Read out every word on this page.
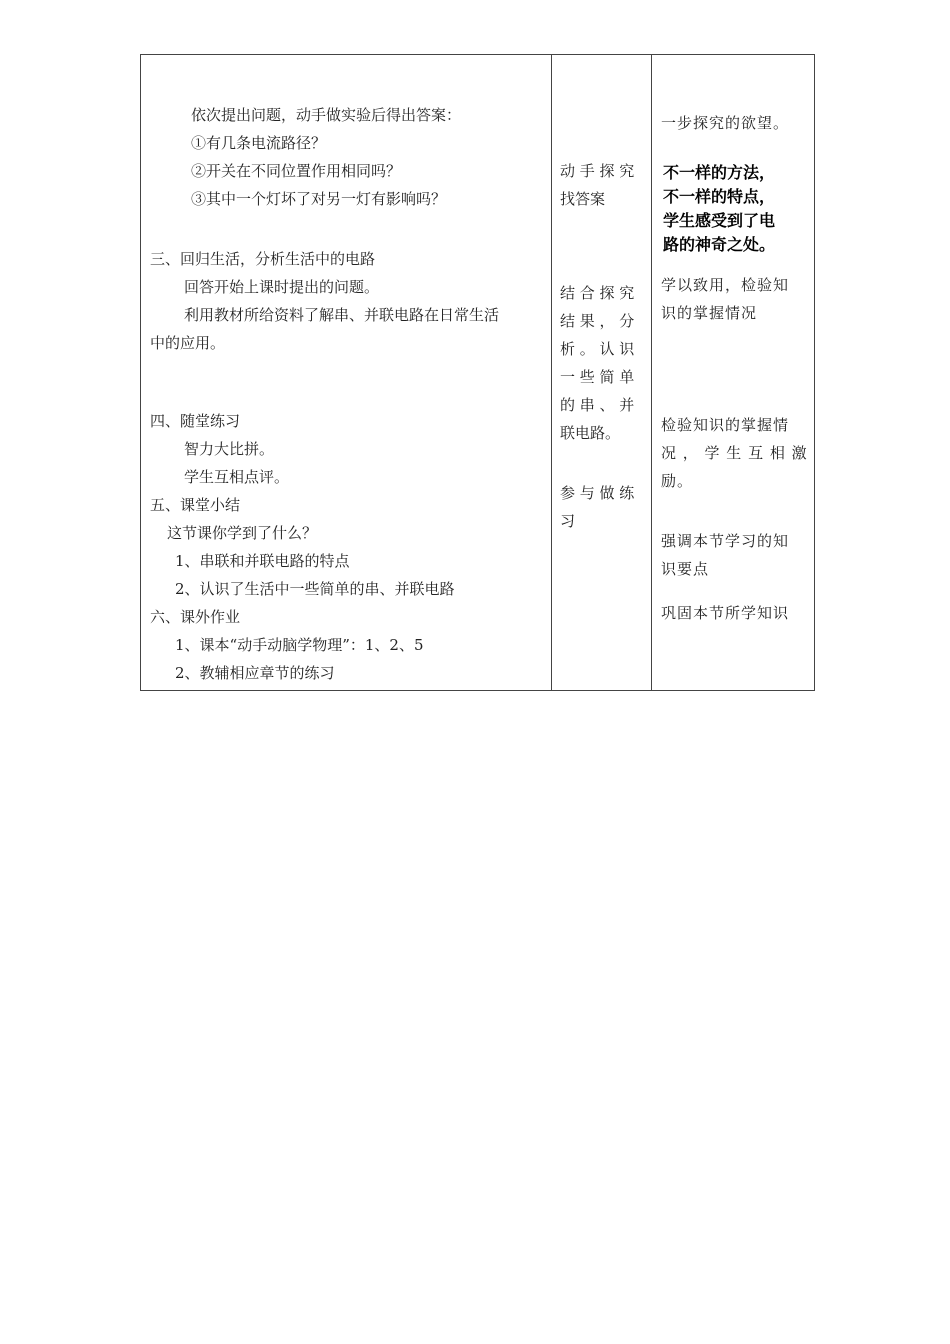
依次提出问题，动手做实验后得出答案：
①有几条电流路径？
②开关在不同位置作用相同吗？
③其中一个灯坏了对另一灯有影响吗？
三、回归生活，分析生活中的电路
回答开始上课时提出的问题。
利用教材所给资料了解串、并联电路在日常生活
中的应用。
四、随堂练习
智力大比拼。
学生互相点评。
五、课堂小结
这节课你学到了什么？
1、串联和并联电路的特点
2、认识了生活中一些简单的串、并联电路
六、课外作业
1、课本“动手动脑学物理”：1、2、5
2、教辅相应章节的练习
动 手 探 究
找答案
结 合 探 究
结 果 ， 分
析 。 认 识
一 些 简 单
的 串 、 并
联电路。
参 与 做 练
习
一步探究的欲望。
不一样的方法，
不一样的特点，
学生感受到了电
路的神奇之处。
学以致用，检验知
识的掌握情况
检验知识的掌握情
况 ， 学 生 互 相 激
励。
强调本节学习的知
识要点
巩固本节所学知识
